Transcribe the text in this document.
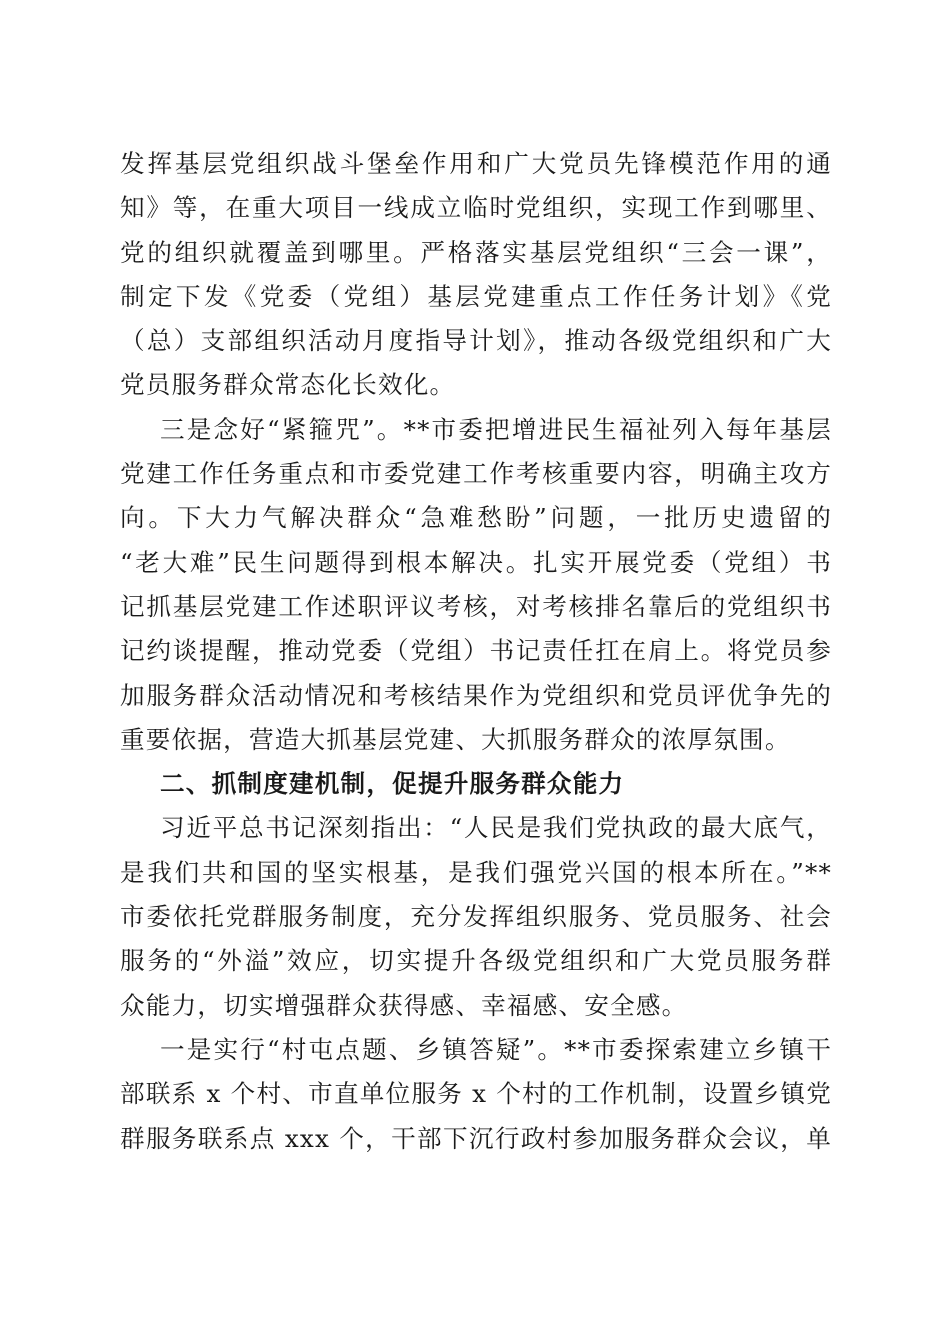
发挥基层党组织战斗堡垒作用和广大党员先锋模范作用的通
知》等，在重大项目一线成立临时党组织，实现工作到哪里、
党的组织就覆盖到哪里。严格落实基层党组织“三会一课”，
制定下发《党委（党组）基层党建重点工作任务计划》《党
（总）支部组织活动月度指导计划》，推动各级党组织和广大
党员服务群众常态化长效化。
三是念好“紧箍咒”。**市委把增进民生福祉列入每年基层
党建工作任务重点和市委党建工作考核重要内容，明确主攻方
向。下大力气解决群众“急难愁盼”问题，一批历史遗留的
“老大难”民生问题得到根本解决。扎实开展党委（党组）书
记抓基层党建工作述职评议考核，对考核排名靠后的党组织书
记约谈提醒，推动党委（党组）书记责任扛在肩上。将党员参
加服务群众活动情况和考核结果作为党组织和党员评优争先的
重要依据，营造大抓基层党建、大抓服务群众的浓厚氛围。
二、抓制度建机制，促提升服务群众能力
习近平总书记深刻指出：“人民是我们党执政的最大底气，
是我们共和国的坚实根基，是我们强党兴国的根本所在。”**
市委依托党群服务制度，充分发挥组织服务、党员服务、社会
服务的“外溢”效应，切实提升各级党组织和广大党员服务群
众能力，切实增强群众获得感、幸福感、安全感。
一是实行“村屯点题、乡镇答疑”。**市委探索建立乡镇干
部联系 x 个村、市直单位服务 x 个村的工作机制，设置乡镇党
群服务联系点 xxx 个，干部下沉行政村参加服务群众会议，单
